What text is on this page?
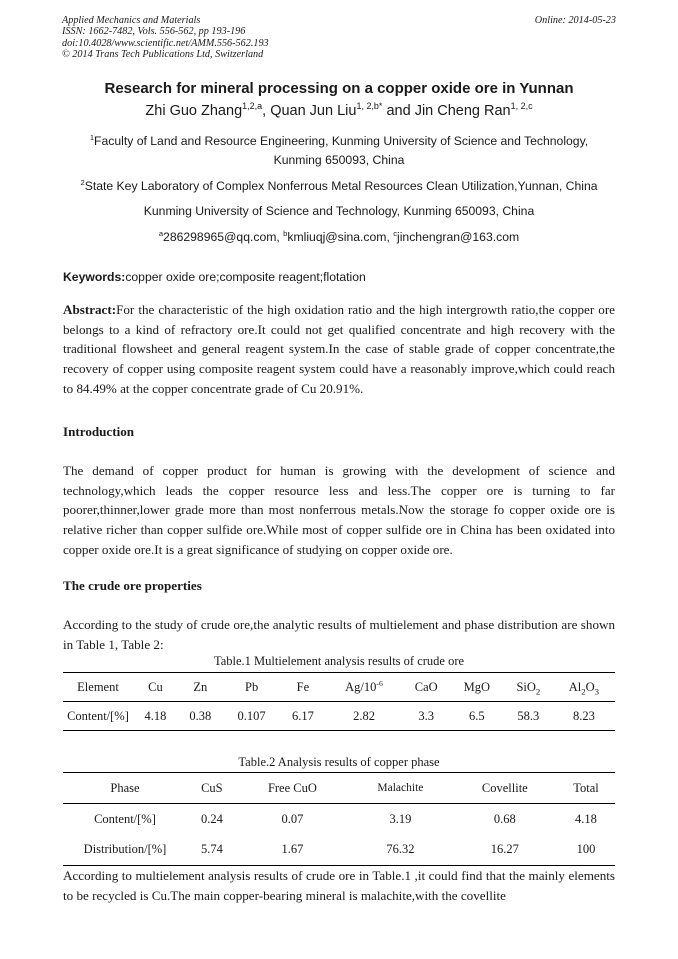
Applied Mechanics and Materials
ISSN: 1662-7482, Vols. 556-562, pp 193-196
doi:10.4028/www.scientific.net/AMM.556-562.193
© 2014 Trans Tech Publications Ltd, Switzerland
Online: 2014-05-23
Research for mineral processing on a copper oxide ore in Yunnan
Zhi Guo Zhang$^{1,2,a}$, Quan Jun Liu$^{1, 2,b*}$ and Jin Cheng Ran$^{1, 2,c}$
$^1$Faculty of Land and Resource Engineering, Kunming University of Science and Technology,
Kunming 650093, China
$^2$State Key Laboratory of Complex Nonferrous Metal Resources Clean Utilization,Yunnan, China
Kunming University of Science and Technology, Kunming 650093, China
$^a$286298965@qq.com, $^b$kmliuqj@sina.com, $^c$jinchengran@163.com
Keywords:copper oxide ore;composite reagent;flotation
Abstract:For the characteristic of the high oxidation ratio and the high intergrowth ratio,the copper ore belongs to a kind of refractory ore.It could not get qualified concentrate and high recovery with the traditional flowsheet and general reagent system.In the case of stable grade of copper concentrate,the recovery of copper using composite reagent system could have a reasonably improve,which could reach to 84.49% at the copper concentrate grade of Cu 20.91%.
Introduction
The demand of copper product for human is growing with the development of science and technology,which leads the copper resource less and less.The copper ore is turning to far poorer,thinner,lower grade more than most nonferrous metals.Now the storage fo copper oxide ore is relative richer than copper sulfide ore.While most of copper sulfide ore in China has been oxidated into copper oxide ore.It is a great significance of studying on copper oxide ore.
The crude ore properties
According to the study of crude ore,the analytic results of multielement and phase distribution are shown in Table 1, Table 2:
Table.1 Multielement analysis results of crude ore
Element	Cu	Zn	Pb	Fe	$Ag/10^{-6}$	CaO	MgO	SiO$_2$	$Al_2O_3$
Content/[%]	4.18	0.38	0.107	6.17	2.82	3.3	6.5	58.3	8.23
Table.2 Analysis results of copper phase
Phase	CuS	Free CuO	Malachite	Covellite	Total
Content/[%]	0.24	0.07	3.19	0.68	4.18
Distribution/[%]	5.74	1.67	76.32	16.27	100
According to multielement analysis results of crude ore in Table.1 ,it could find that the mainly elements to be recycled is Cu.The main copper-bearing mineral is malachite,with the covellite
